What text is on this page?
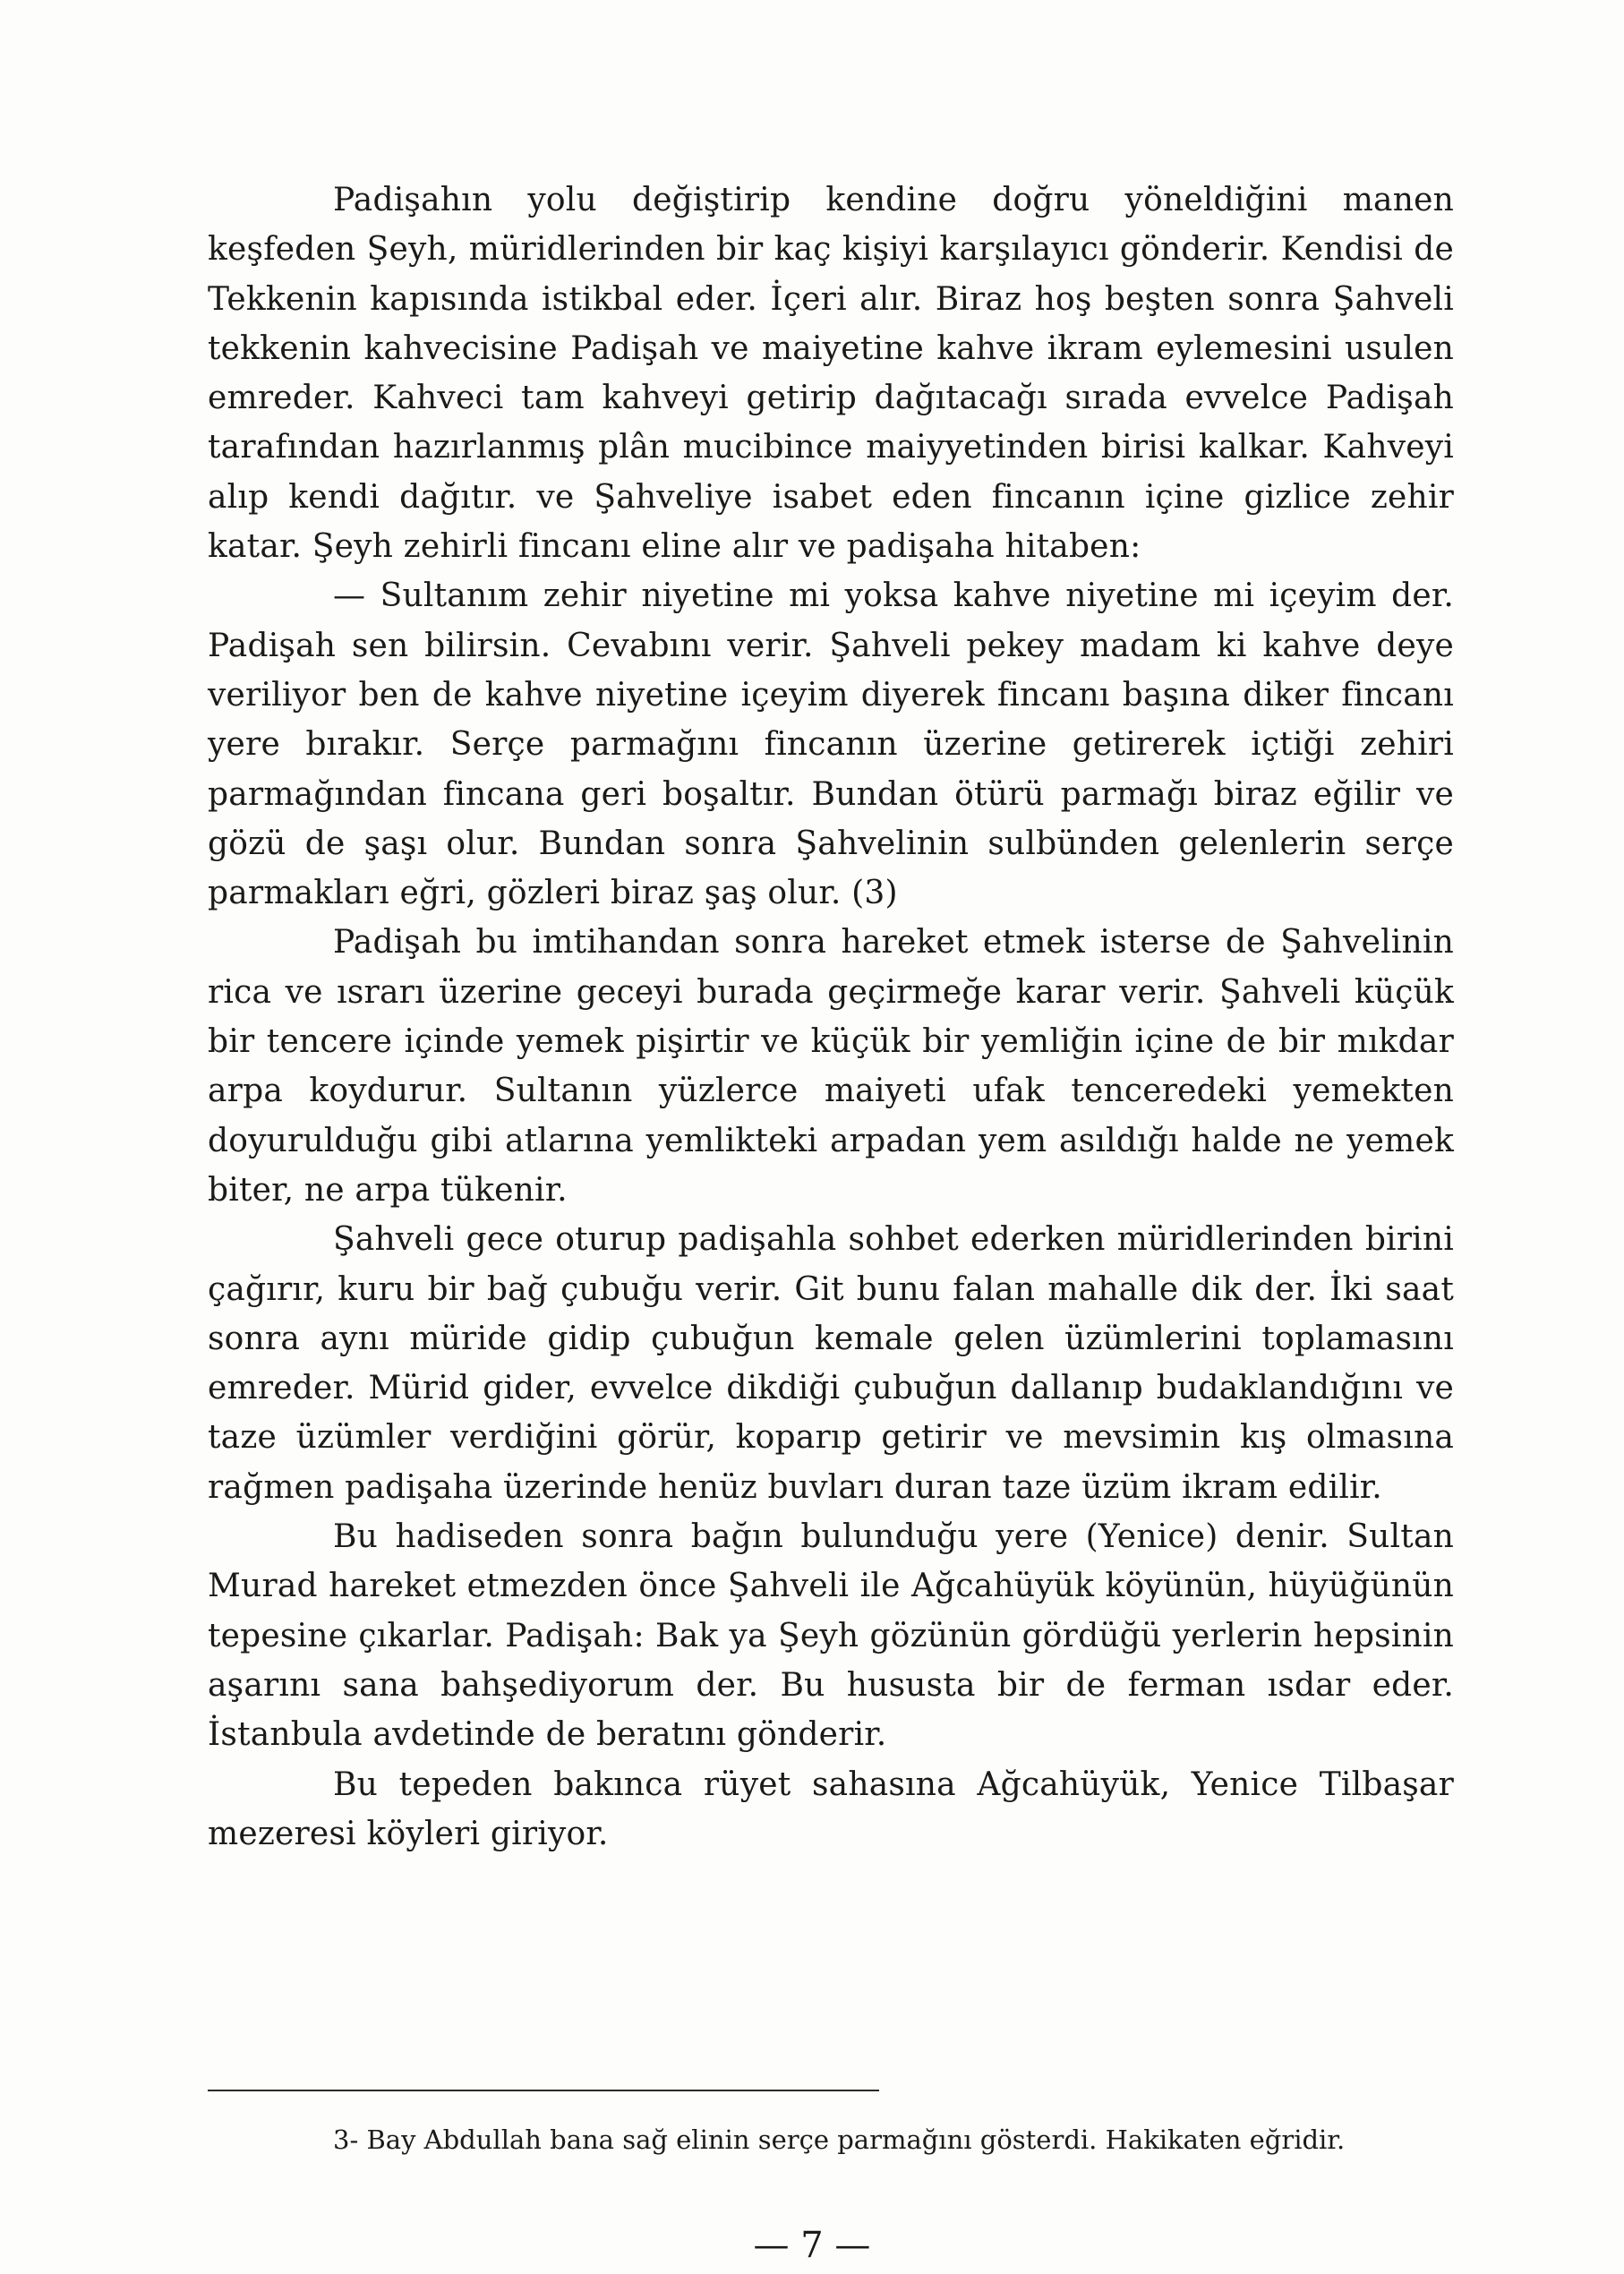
Padişahın yolu değiştirip kendine doğru yöneldiğini manen keşfeden Şeyh, müridlerinden bir kaç kişiyi karşılayıcı gönderir. Kendisi de Tekkenin kapısında istikbal eder. İçeri alır. Biraz hoş beşten sonra Şahveli tekkenin kahvecisine Padişah ve maiyetine kahve ikram eylemesini usulen emreder. Kahveci tam kahveyi getirip dağıtacağı sırada evvelce Padişah tarafından hazırlanmış plân mucibince maiyyetinden birisi kalkar. Kahveyi alıp kendi dağıtır. ve Şahveliye isabet eden fincanın içine gizlice zehir katar. Şeyh zehirli fincanı eline alır ve padişaha hitaben:

— Sultanım zehir niyetine mi yoksa kahve niyetine mi içeyim der. Padişah sen bilirsin. Cevabını verir. Şahveli pekey madam ki kahve deye veriliyor ben de kahve niyetine içeyim diyerek fincanı başına diker fincanı yere bırakır. Serçe parmağını fincanın üzerine getirerek içtiği zehiri parmağından fincana geri boşaltır. Bundan ötürü parmağı biraz eğilir ve gözü de şaşı olur. Bundan sonra Şahvelinin sulbünden gelenlerin serçe parmakları eğri, gözleri biraz şaş olur. (3)

Padişah bu imtihandan sonra hareket etmek isterse de Şahvelinin rica ve ısrarı üzerine geceyi burada geçirmeğe karar verir. Şahveli küçük bir tencere içinde yemek pişirtir ve küçük bir yemliğin içine de bir mıkdar arpa koydurur. Sultanın yüzlerce maiyeti ufak tenceredeki yemekten doyurulduğu gibi atlarına yemlikteki arpadan yem asıldığı halde ne yemek biter, ne arpa tükenir.

Şahveli gece oturup padişahla sohbet ederken müridlerinden birini çağırır, kuru bir bağ çubuğu verir. Git bunu falan mahalle dik der. İki saat sonra aynı müride gidip çubuğun kemale gelen üzümlerini toplamasını emreder. Mürid gider, evvelce dikdiği çubuğun dallanıp budaklandığını ve taze üzümler verdiğini görür, koparıp getirir ve mevsimin kış olmasına rağmen padişaha üzerinde henüz buvları duran taze üzüm ikram edilir.

Bu hadiseden sonra bağın bulunduğu yere (Yenice) denir. Sultan Murad hareket etmezden önce Şahveli ile Ağcahüyük köyünün, hüyüğünün tepesine çıkarlar. Padişah: Bak ya Şeyh gözünün gördüğü yerlerin hepsinin aşarını sana bahşediyorum der. Bu hususta bir de ferman ısdar eder. İstanbula avdetinde de beratını gönderir.

Bu tepeden bakınca rüyet sahasına Ağcahüyük, Yenice Tilbaşar mezeresi köyleri giriyor.

3- Bay Abdullah bana sağ elinin serçe parmağını gösterdi. Hakikaten eğridir.

— 7 —
